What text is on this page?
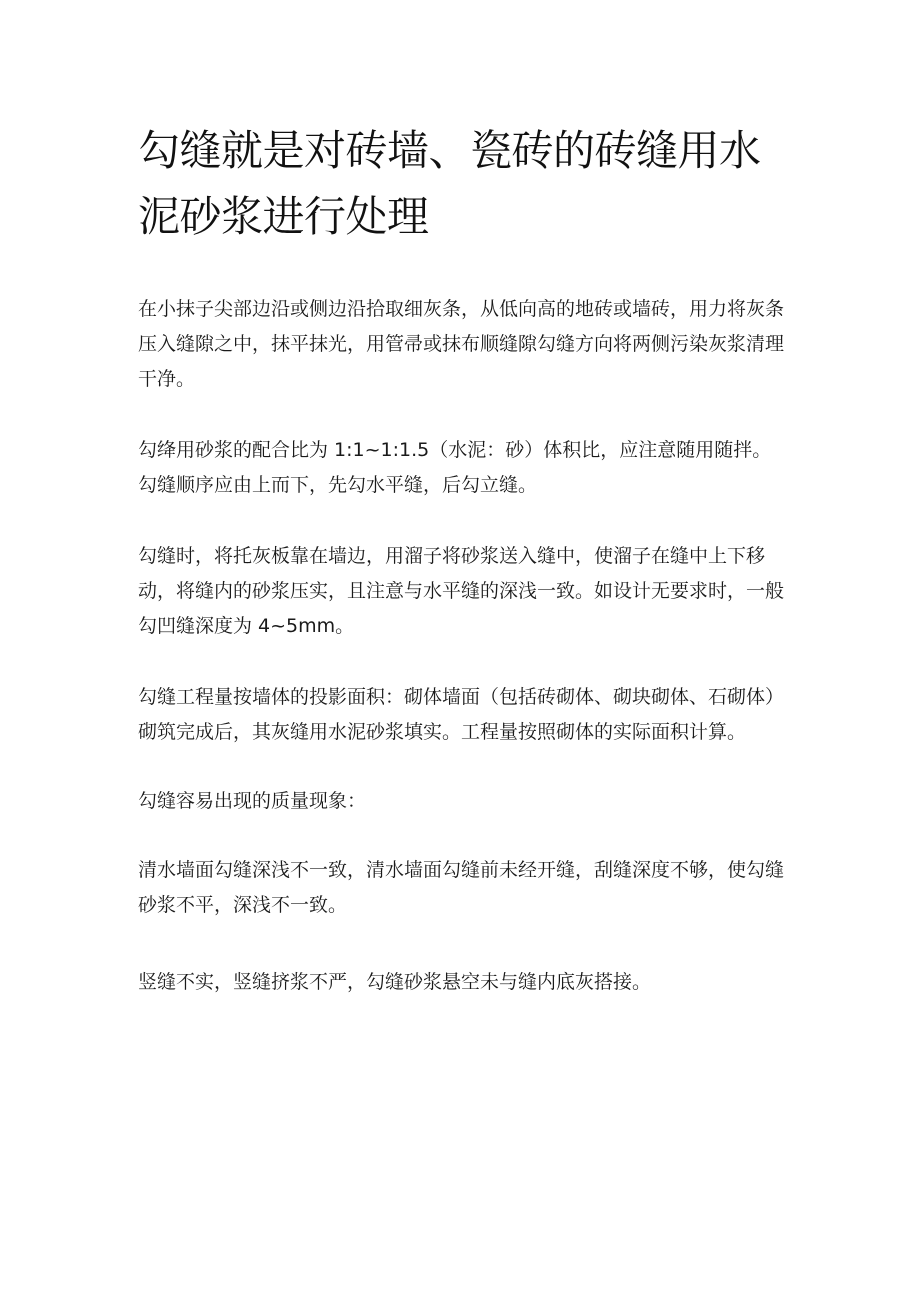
勾缝就是对砖墙、瓷砖的砖缝用水泥砂浆进行处理

在小抹子尖部边沿或侧边沿拾取细灰条，从低向高的地砖或墙砖，用力将灰条压入缝隙之中，抹平抹光，用管帚或抹布顺缝隙勾缝方向将两侧污染灰浆清理干净。

勾绛用砂浆的配合比为 1:1~1:1.5（水泥：砂）体积比，应注意随用随拌。勾缝顺序应由上而下，先勾水平缝，后勾立缝。

勾缝时，将托灰板靠在墙边，用溜子将砂浆送入缝中，使溜子在缝中上下移动，将缝内的砂浆压实，且注意与水平缝的深浅一致。如设计无要求时，一般勾凹缝深度为 4~5mm。

勾缝工程量按墙体的投影面积：砌体墙面（包括砖砌体、砌块砌体、石砌体）砌筑完成后，其灰缝用水泥砂浆填实。工程量按照砌体的实际面积计算。

勾缝容易出现的质量现象：

清水墙面勾缝深浅不一致，清水墙面勾缝前未经开缝，刮缝深度不够，使勾缝砂浆不平，深浅不一致。

竖缝不实，竖缝挤浆不严，勾缝砂浆悬空未与缝内底灰搭接。
